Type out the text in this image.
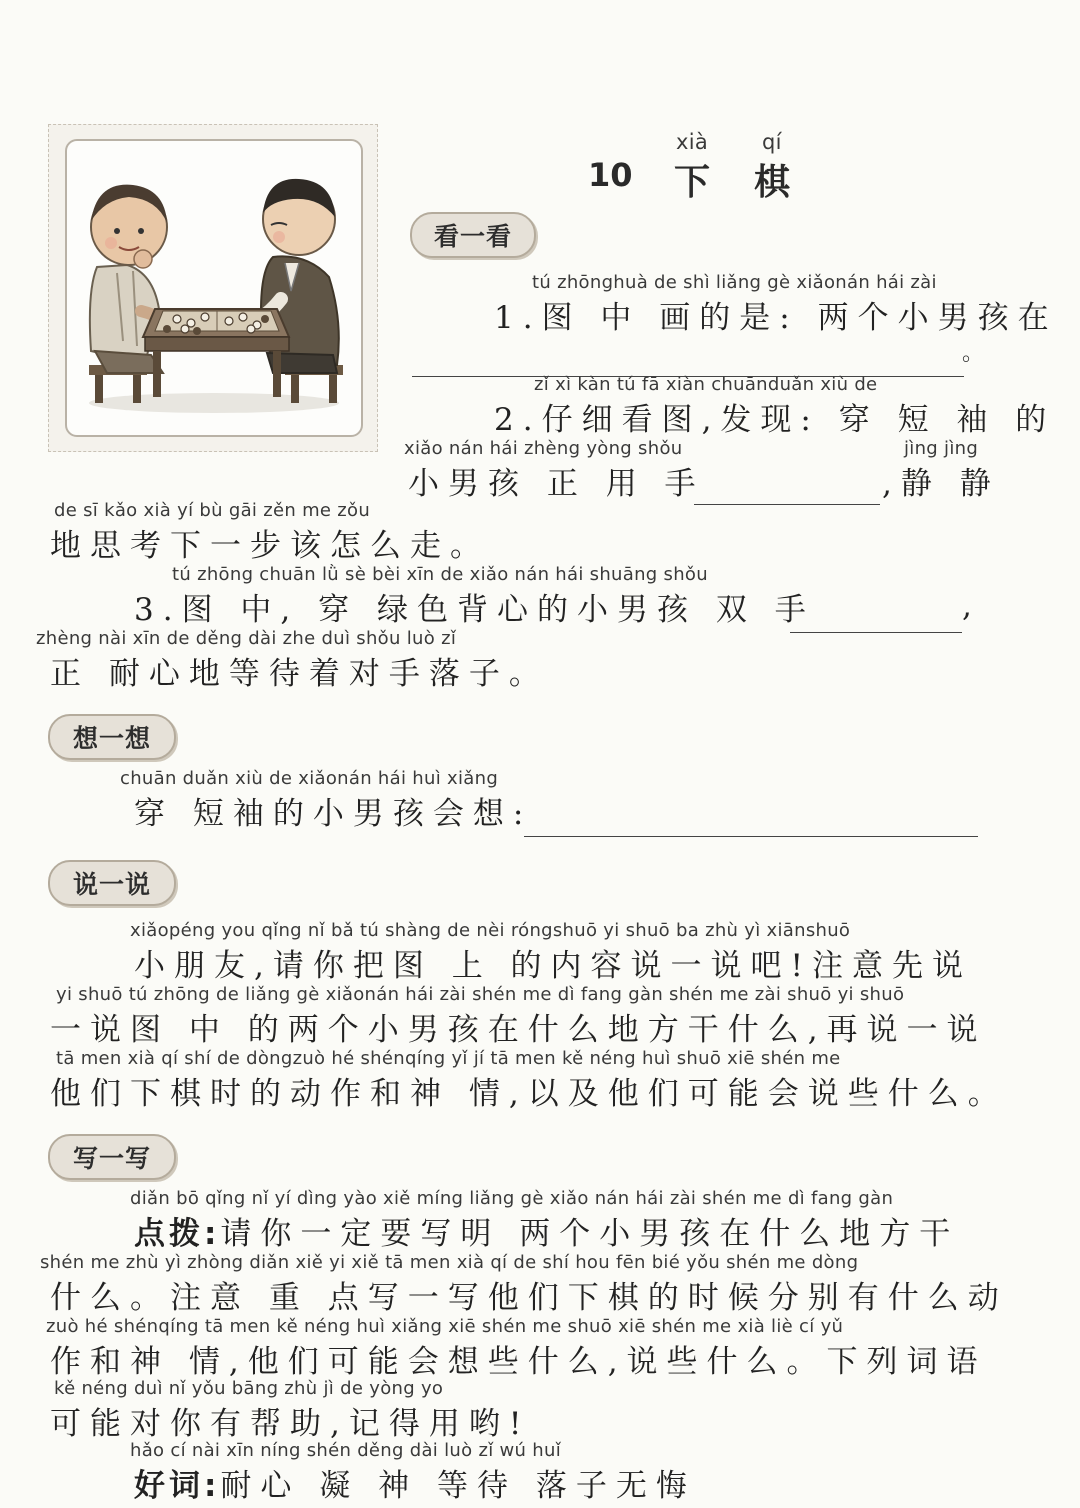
xià	qí
10 下 棋
看一看
tú zhōnghuà de shì liǎng gè xiǎonán hái zài
1.图 中 画的是: 两个小男孩在
。
zǐ xì kàn tú fā xiàn chuānduǎn xiù de
2.仔细看图,发现: 穿 短 袖 的
xiǎo nán hái zhèng yòng shǒu	jìng jìng
小男孩 正 用 手	,静 静
de sī kǎo xià yí bù gāi zěn me zǒu
地思考下一步该怎么走。
tú zhōng chuān lǜ sè bèi xīn de xiǎo nán hái shuāng shǒu
3.图 中, 穿 绿色背心的小男孩 双 手	,
zhèng nài xīn de děng dài zhe duì shǒu luò zǐ
正 耐心地等待着对手落子。
想一想
chuān duǎn xiù de xiǎonán hái huì xiǎng
穿 短袖的小男孩会想:
说一说
xiǎopéng you qǐng nǐ bǎ tú shàng de nèi róngshuō yi shuō ba zhù yì xiānshuō
小朋友,请你把图 上 的内容说一说吧!注意先说
yi shuō tú zhōng de liǎng gè xiǎonán hái zài shén me dì fang gàn shén me zài shuō yi shuō
一说图 中 的两个小男孩在什么地方干什么,再说一说
tā men xià qí shí de dòngzuò hé shénqíng yǐ jí tā men kě néng huì shuō xiē shén me
他们下棋时的动作和神 情,以及他们可能会说些什么。
写一写
diǎn bō qǐng nǐ yí dìng yào xiě míng liǎng gè xiǎo nán hái zài shén me dì fang gàn
点拨:请你一定要写明 两个小男孩在什么地方干
shén me zhù yì zhòng diǎn xiě yi xiě tā men xià qí de shí hou fēn bié yǒu shén me dòng
什么。注意 重 点写一写他们下棋的时候分别有什么动
zuò hé shénqíng tā men kě néng huì xiǎng xiē shén me shuō xiē shén me xià liè cí yǔ
作和神 情,他们可能会想些什么,说些什么。下列词语
kě néng duì nǐ yǒu bāng zhù jì de yòng yo
可能对你有帮助,记得用哟!
hǎo cí nài xīn níng shén děng dài luò zǐ wú huǐ
好词:耐心 凝 神 等待 落子无悔
